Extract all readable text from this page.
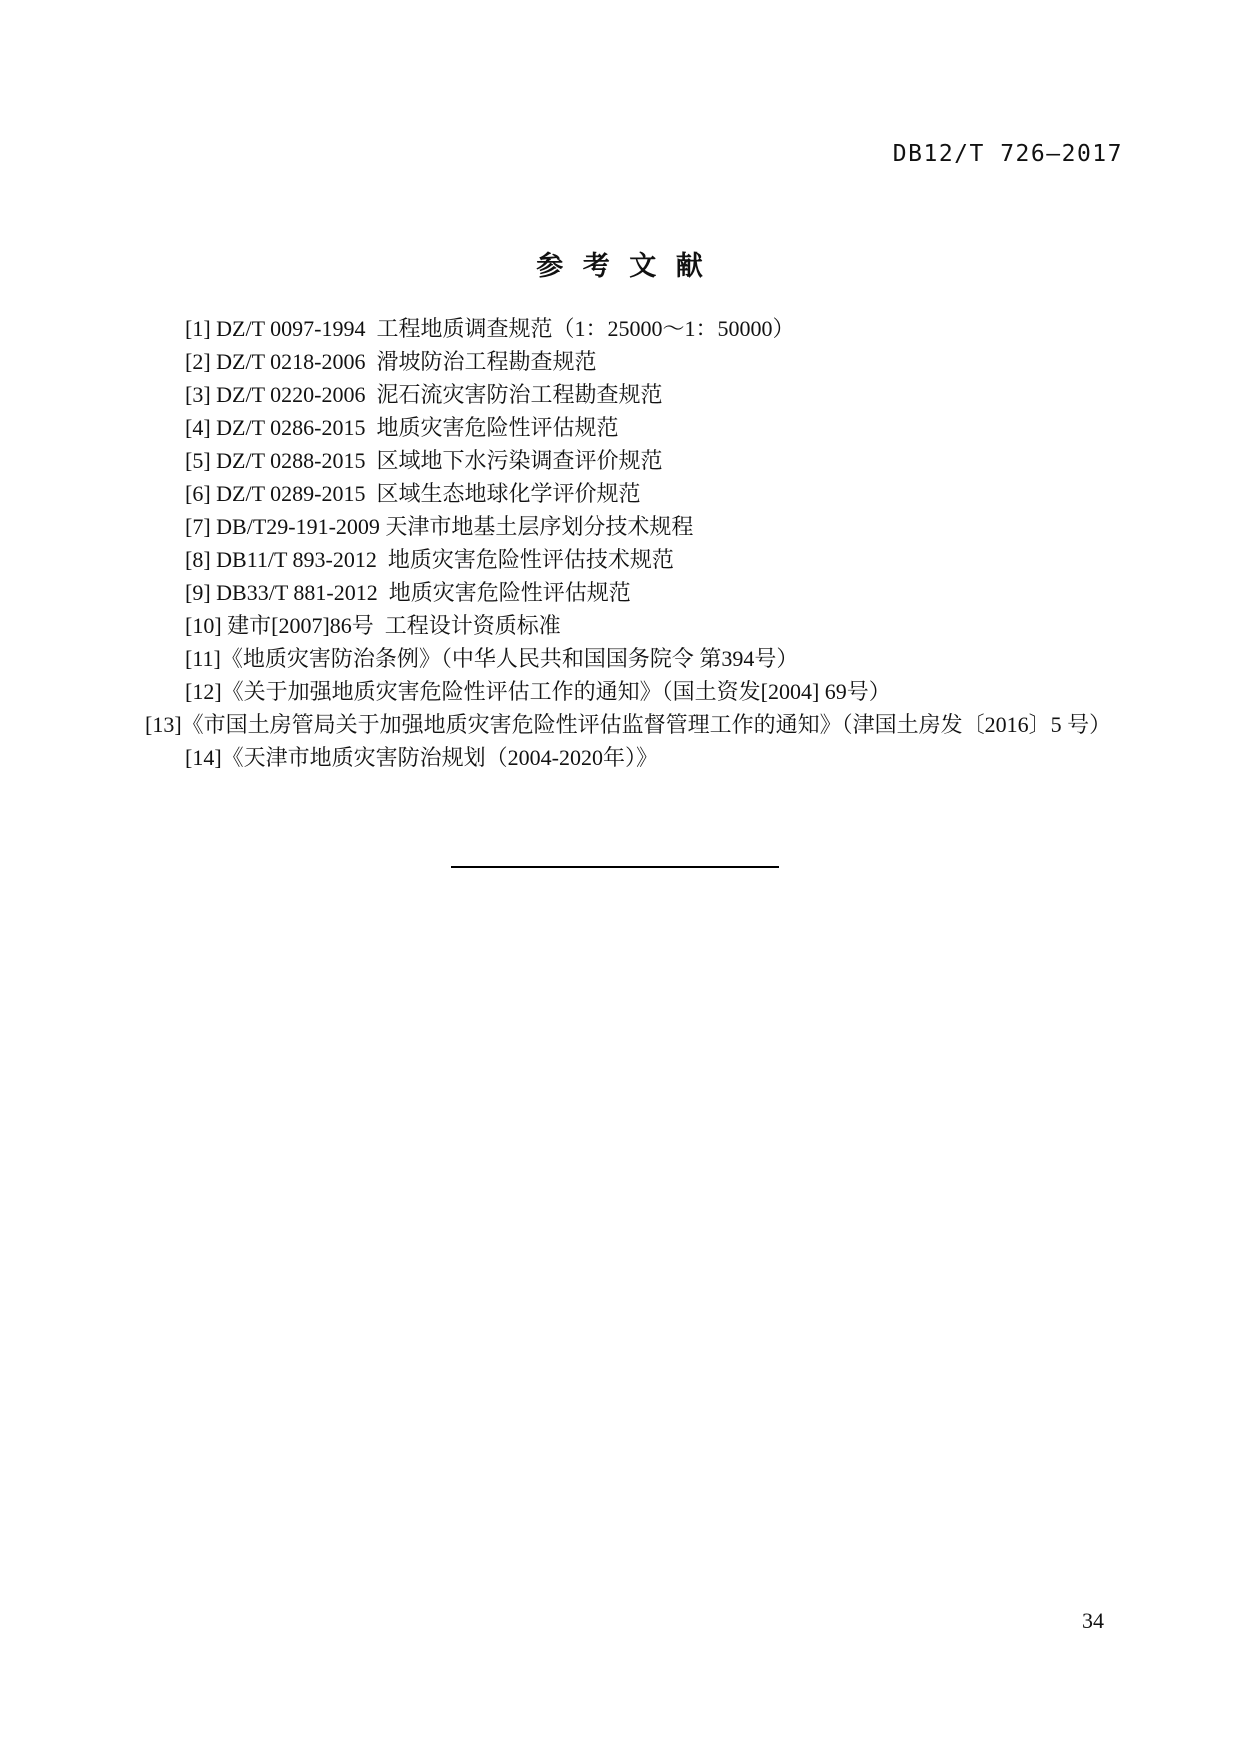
DB12/T 726—2017
参  考  文  献

[1] DZ/T 0097-1994  工程地质调查规范（1：25000～1：50000）

[2] DZ/T 0218-2006  滑坡防治工程勘查规范

[3] DZ/T 0220-2006  泥石流灾害防治工程勘查规范

[4] DZ/T 0286-2015  地质灾害危险性评估规范

[5] DZ/T 0288-2015  区域地下水污染调查评价规范

[6] DZ/T 0289-2015  区域生态地球化学评价规范

[7] DB/T29-191-2009 天津市地基土层序划分技术规程

[8] DB11/T 893-2012  地质灾害危险性评估技术规范

[9] DB33/T 881-2012  地质灾害危险性评估规范

[10] 建市[2007]86号  工程设计资质标准

[11]《地质灾害防治条例》（中华人民共和国国务院令 第394号）

[12]《关于加强地质灾害危险性评估工作的通知》（国土资发[2004] 69号）

[13]《市国土房管局关于加强地质灾害危险性评估监督管理工作的通知》（津国土房发〔2016〕5 号）

[14]《天津市地质灾害防治规划（2004-2020年）》

34
